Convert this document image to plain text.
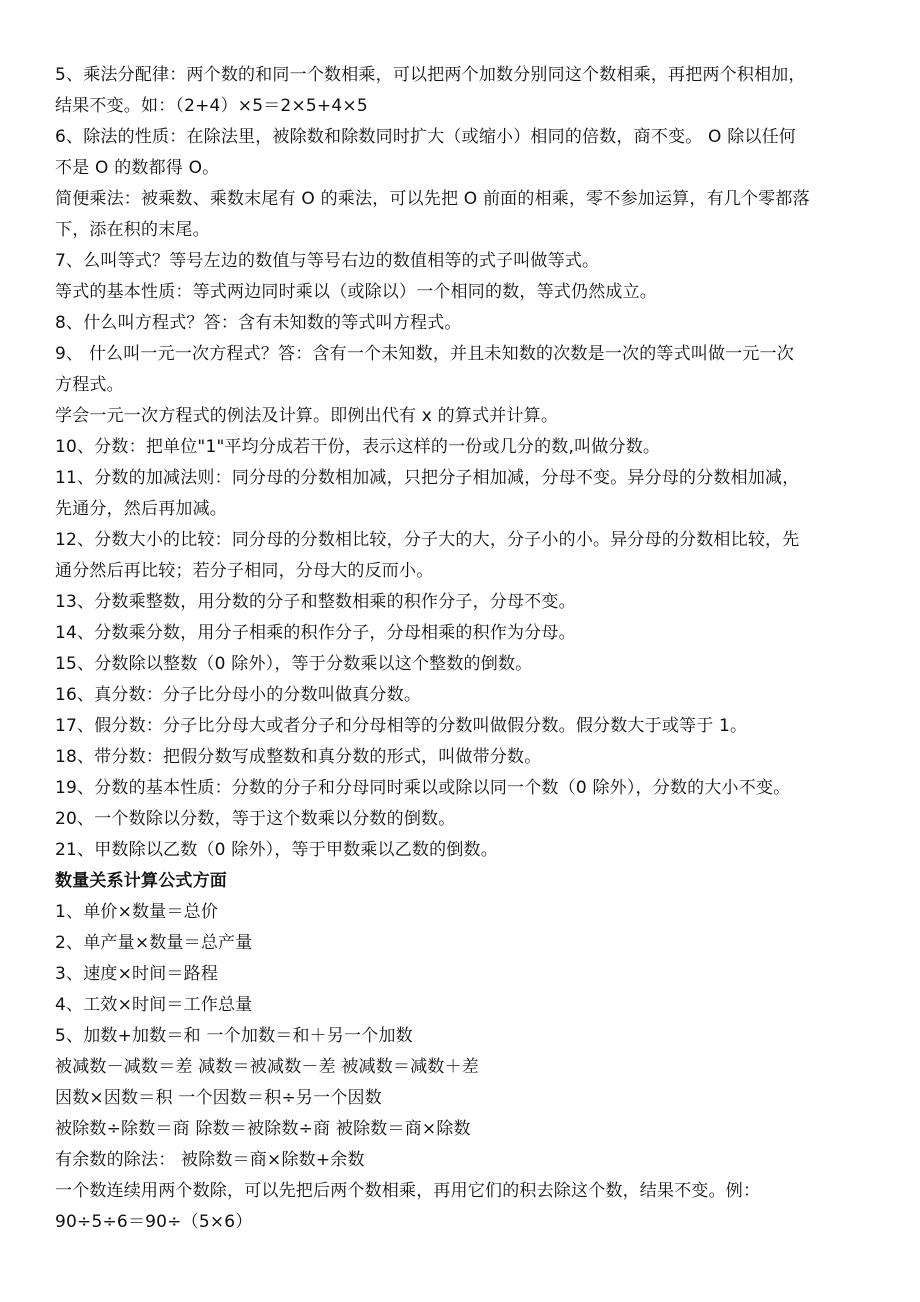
5、乘法分配律：两个数的和同一个数相乘，可以把两个加数分别同这个数相乘，再把两个积相加，
结果不变。如：（2+4）×5＝2×5+4×5
6、除法的性质：在除法里，被除数和除数同时扩大（或缩小）相同的倍数，商不变。 O 除以任何
不是 O 的数都得 O。
简便乘法：被乘数、乘数末尾有 O 的乘法，可以先把 O 前面的相乘，零不参加运算，有几个零都落
下，添在积的末尾。
7、么叫等式？等号左边的数值与等号右边的数值相等的式子叫做等式。
等式的基本性质：等式两边同时乘以（或除以）一个相同的数，等式仍然成立。
8、什么叫方程式？答：含有未知数的等式叫方程式。
9、 什么叫一元一次方程式？答：含有一个未知数，并且未知数的次数是一次的等式叫做一元一次
方程式。
学会一元一次方程式的例法及计算。即例出代有 x 的算式并计算。
10、分数：把单位"1"平均分成若干份，表示这样的一份或几分的数,叫做分数。
11、分数的加减法则：同分母的分数相加减，只把分子相加减，分母不变。异分母的分数相加减，
先通分，然后再加减。
12、分数大小的比较：同分母的分数相比较，分子大的大，分子小的小。异分母的分数相比较，先
通分然后再比较；若分子相同，分母大的反而小。
13、分数乘整数，用分数的分子和整数相乘的积作分子，分母不变。
14、分数乘分数，用分子相乘的积作分子，分母相乘的积作为分母。
15、分数除以整数（0 除外），等于分数乘以这个整数的倒数。
16、真分数：分子比分母小的分数叫做真分数。
17、假分数：分子比分母大或者分子和分母相等的分数叫做假分数。假分数大于或等于 1。
18、带分数：把假分数写成整数和真分数的形式，叫做带分数。
19、分数的基本性质：分数的分子和分母同时乘以或除以同一个数（0 除外），分数的大小不变。
20、一个数除以分数，等于这个数乘以分数的倒数。
21、甲数除以乙数（0 除外），等于甲数乘以乙数的倒数。
数量关系计算公式方面
1、单价×数量＝总价
2、单产量×数量＝总产量
3、速度×时间＝路程
4、工效×时间＝工作总量
5、加数+加数＝和 一个加数＝和＋另一个加数
被减数－减数＝差 减数＝被减数－差 被减数＝减数＋差
因数×因数＝积 一个因数＝积÷另一个因数
被除数÷除数＝商 除数＝被除数÷商 被除数＝商×除数
有余数的除法： 被除数＝商×除数+余数
一个数连续用两个数除，可以先把后两个数相乘，再用它们的积去除这个数，结果不变。例：
90÷5÷6＝90÷（5×6）
